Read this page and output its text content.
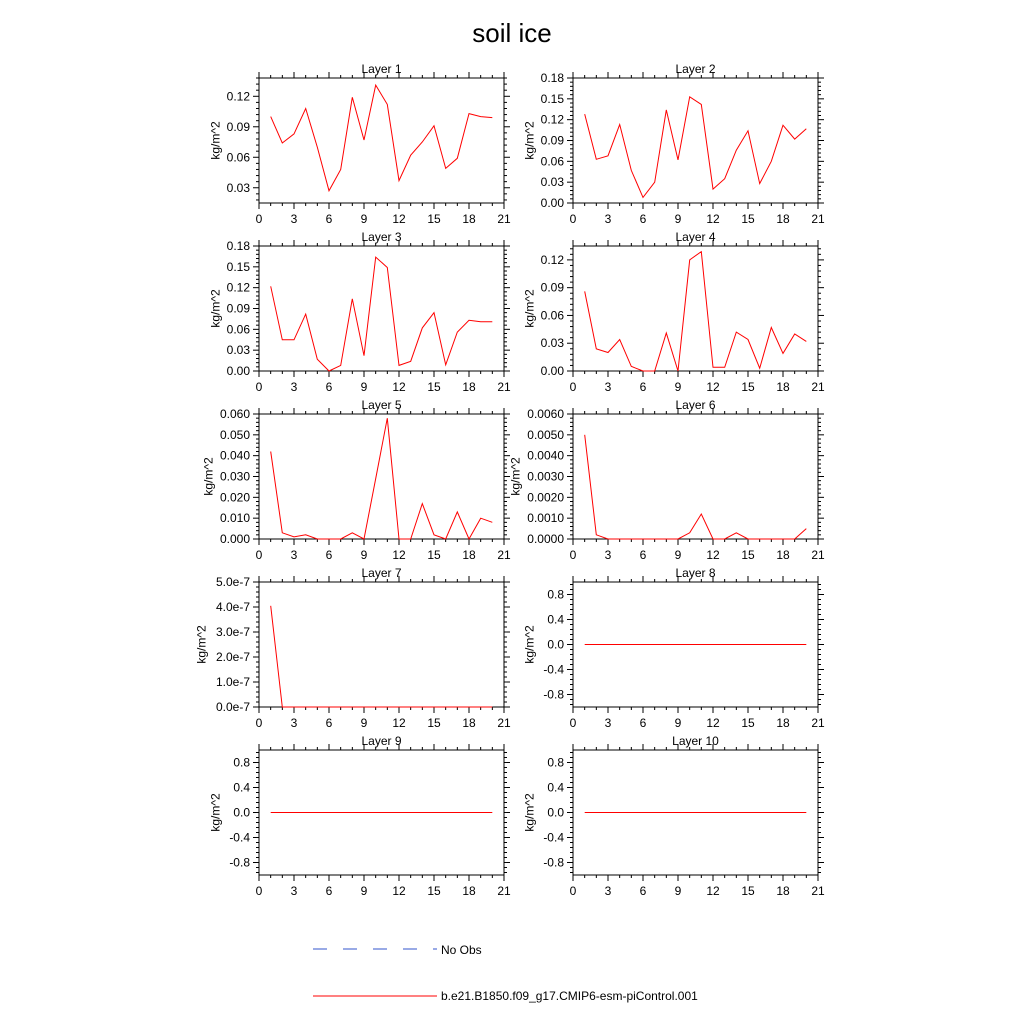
soil ice
Layer 1
0 3 6 9 12 15 18 21
0.03
0.06
0.09
0.12
kg/m^2
Layer 2
0 3 6 9 12 15 18 21
0.00
0.03
0.06
0.09
0.12
0.15
0.18
kg/m^2
Layer 3
0 3 6 9 12 15 18 21
0.00
0.03
0.06
0.09
0.12
0.15
0.18
kg/m^2
Layer 4
0 3 6 9 12 15 18 21
0.00
0.03
0.06
0.09
0.12
kg/m^2
Layer 5
0 3 6 9 12 15 18 21
0.000
0.010
0.020
0.030
0.040
0.050
0.060
kg/m^2
Layer 6
0 3 6 9 12 15 18 21
0.0000
0.0010
0.0020
0.0030
0.0040
0.0050
0.0060
kg/m^2
Layer 7
0 3 6 9 12 15 18 21
0.0e-7
1.0e-7
2.0e-7
3.0e-7
4.0e-7
5.0e-7
kg/m^2
Layer 8
0 3 6 9 12 15 18 21
-0.8
-0.4
0.0
0.4
0.8
kg/m^2
Layer 9
0 3 6 9 12 15 18 21
-0.8
-0.4
0.0
0.4
0.8
kg/m^2
Layer 10
0 3 6 9 12 15 18 21
-0.8
-0.4
0.0
0.4
0.8
kg/m^2
No Obs
b.e21.B1850.f09_g17.CMIP6-esm-piControl.001
